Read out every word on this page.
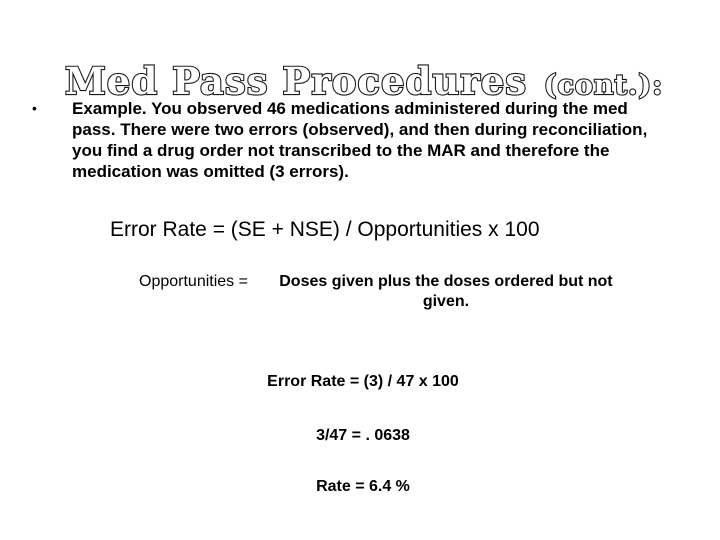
Med Pass Procedures (cont.):
•	Example. You observed 46 medications administered during the med pass. There were two errors (observed), and then during reconciliation, you find a drug order not transcribed to the MAR and therefore the medication was omitted (3 errors).
Error Rate = (SE + NSE) / Opportunities x 100
Opportunities =	Doses given plus the doses ordered but not given.
Error Rate = (3) / 47 x 100
3/47 = . 0638
Rate = 6.4 %
